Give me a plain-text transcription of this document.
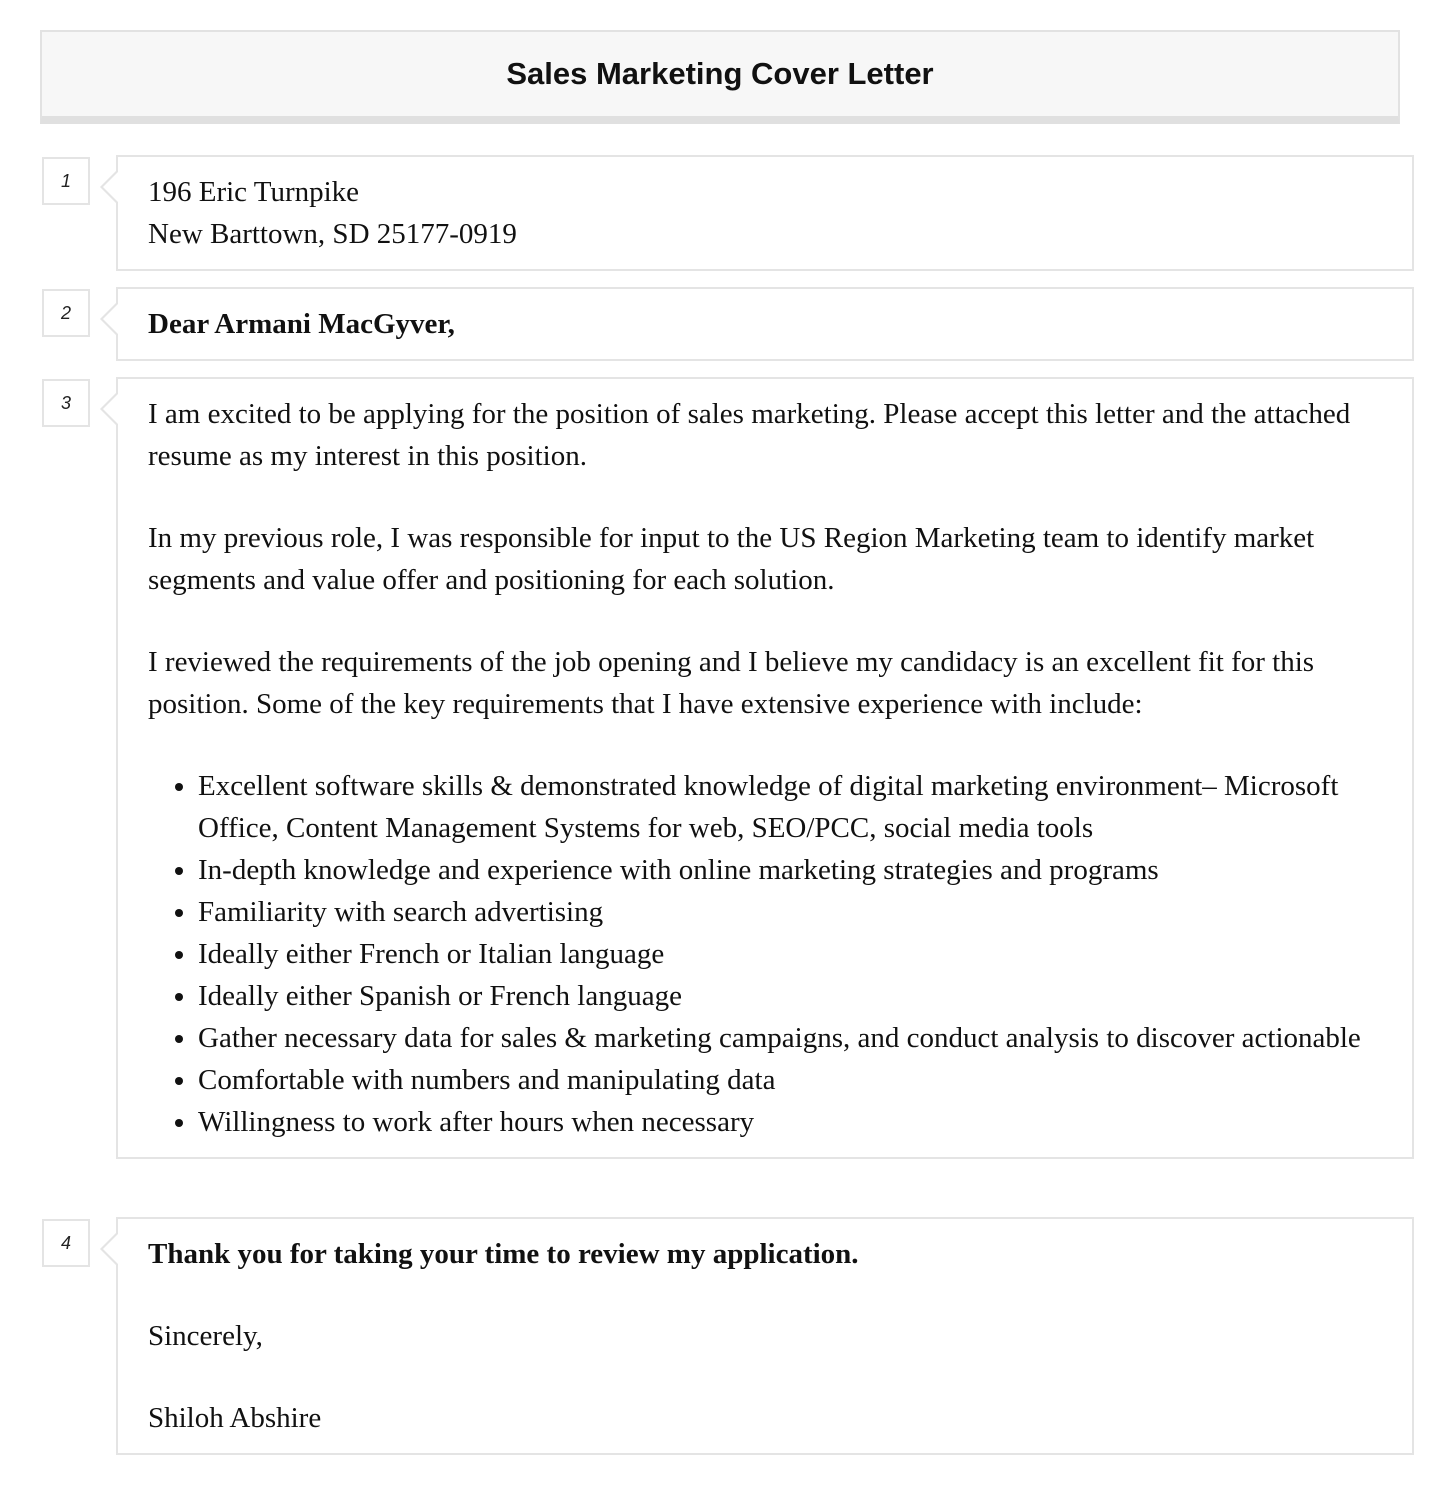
Sales Marketing Cover Letter
1	196 Eric Turnpike

New Barttown, SD 25177-0919

2	Dear Armani MacGyver,

3	I am excited to be applying for the position of sales marketing. Please accept this letter and the attached resume as my interest in this position.

In my previous role, I was responsible for input to the US Region Marketing team to identify market segments and value offer and positioning for each solution.

I reviewed the requirements of the job opening and I believe my candidacy is an excellent fit for this position. Some of the key requirements that I have extensive experience with include:

• Excellent software skills & demonstrated knowledge of digital marketing environment– Microsoft Office, Content Management Systems for web, SEO/PCC, social media tools
• In-depth knowledge and experience with online marketing strategies and programs
• Familiarity with search advertising
• Ideally either French or Italian language
• Ideally either Spanish or French language
• Gather necessary data for sales & marketing campaigns, and conduct analysis to discover actionable
• Comfortable with numbers and manipulating data
• Willingness to work after hours when necessary
4	Thank you for taking your time to review my application.

Sincerely,

Shiloh Abshire
